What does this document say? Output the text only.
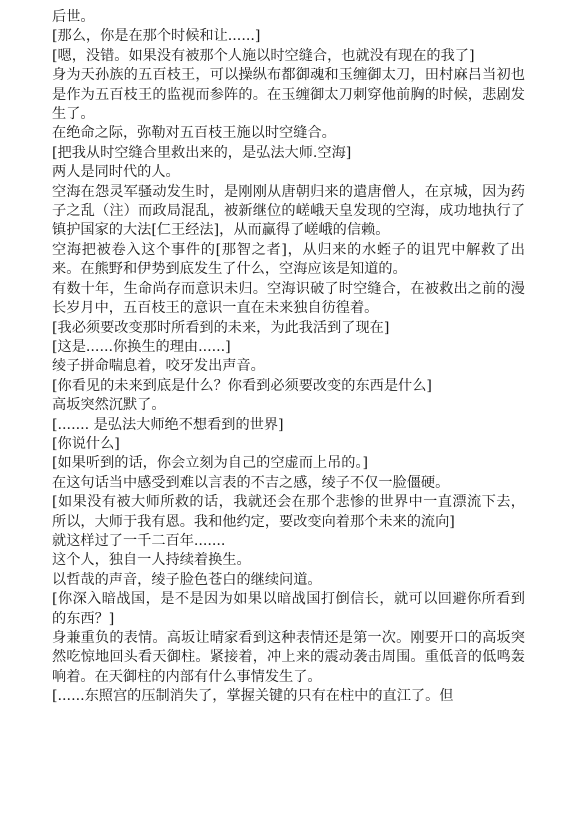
后世。

[那么，你是在那个时候和让......]

[嗯，没错。如果没有被那个人施以时空缝合，也就没有现在的我了]

身为天孙族的五百枝王，可以操纵布都御魂和玉缠御太刀，田村麻吕当初也是作为五百枝王的监视而参阵的。在玉缠御太刀刺穿他前胸的时候，悲剧发生了。

在绝命之际，弥勒对五百枝王施以时空缝合。

[把我从时空缝合里救出来的，是弘法大师.空海]

两人是同时代的人。

空海在怨灵军骚动发生时，是刚刚从唐朝归来的遣唐僧人，在京城，因为药子之乱（注）而政局混乱，被新继位的嵯峨天皇发现的空海，成功地执行了镇护国家的大法[仁王经法]，从而赢得了嵯峨的信赖。

空海把被卷入这个事件的[那智之者]，从归来的水蛭子的诅咒中解救了出来。在熊野和伊势到底发生了什么，空海应该是知道的。

有数十年，生命尚存而意识未归。空海识破了时空缝合，在被救出之前的漫长岁月中，五百枝王的意识一直在未来独自彷徨着。

[我必须要改变那时所看到的未来，为此我活到了现在]

[这是......你换生的理由......]

绫子拼命喘息着，咬牙发出声音。

[你看见的未来到底是什么？你看到必须要改变的东西是什么]

高坂突然沉默了。

[....... 是弘法大师绝不想看到的世界]

[你说什么]

[如果听到的话，你会立刻为自己的空虚而上吊的。]

在这句话当中感受到难以言表的不吉之感，绫子不仅一脸僵硬。

[如果没有被大师所救的话，我就还会在那个悲惨的世界中一直漂流下去，所以，大师于我有恩。我和他约定，要改变向着那个未来的流向]

就这样过了一千二百年.......

这个人，独自一人持续着换生。

以哲哉的声音，绫子脸色苍白的继续问道。

[你深入暗战国，是不是因为如果以暗战国打倒信长，就可以回避你所看到的东西？]

身兼重负的表情。高坂让晴家看到这种表情还是第一次。刚要开口的高坂突然吃惊地回头看天御柱。紧接着，冲上来的震动袭击周围。重低音的低鸣轰响着。在天御柱的内部有什么事情发生了。

[......东照宫的压制消失了，掌握关键的只有在柱中的直江了。但
